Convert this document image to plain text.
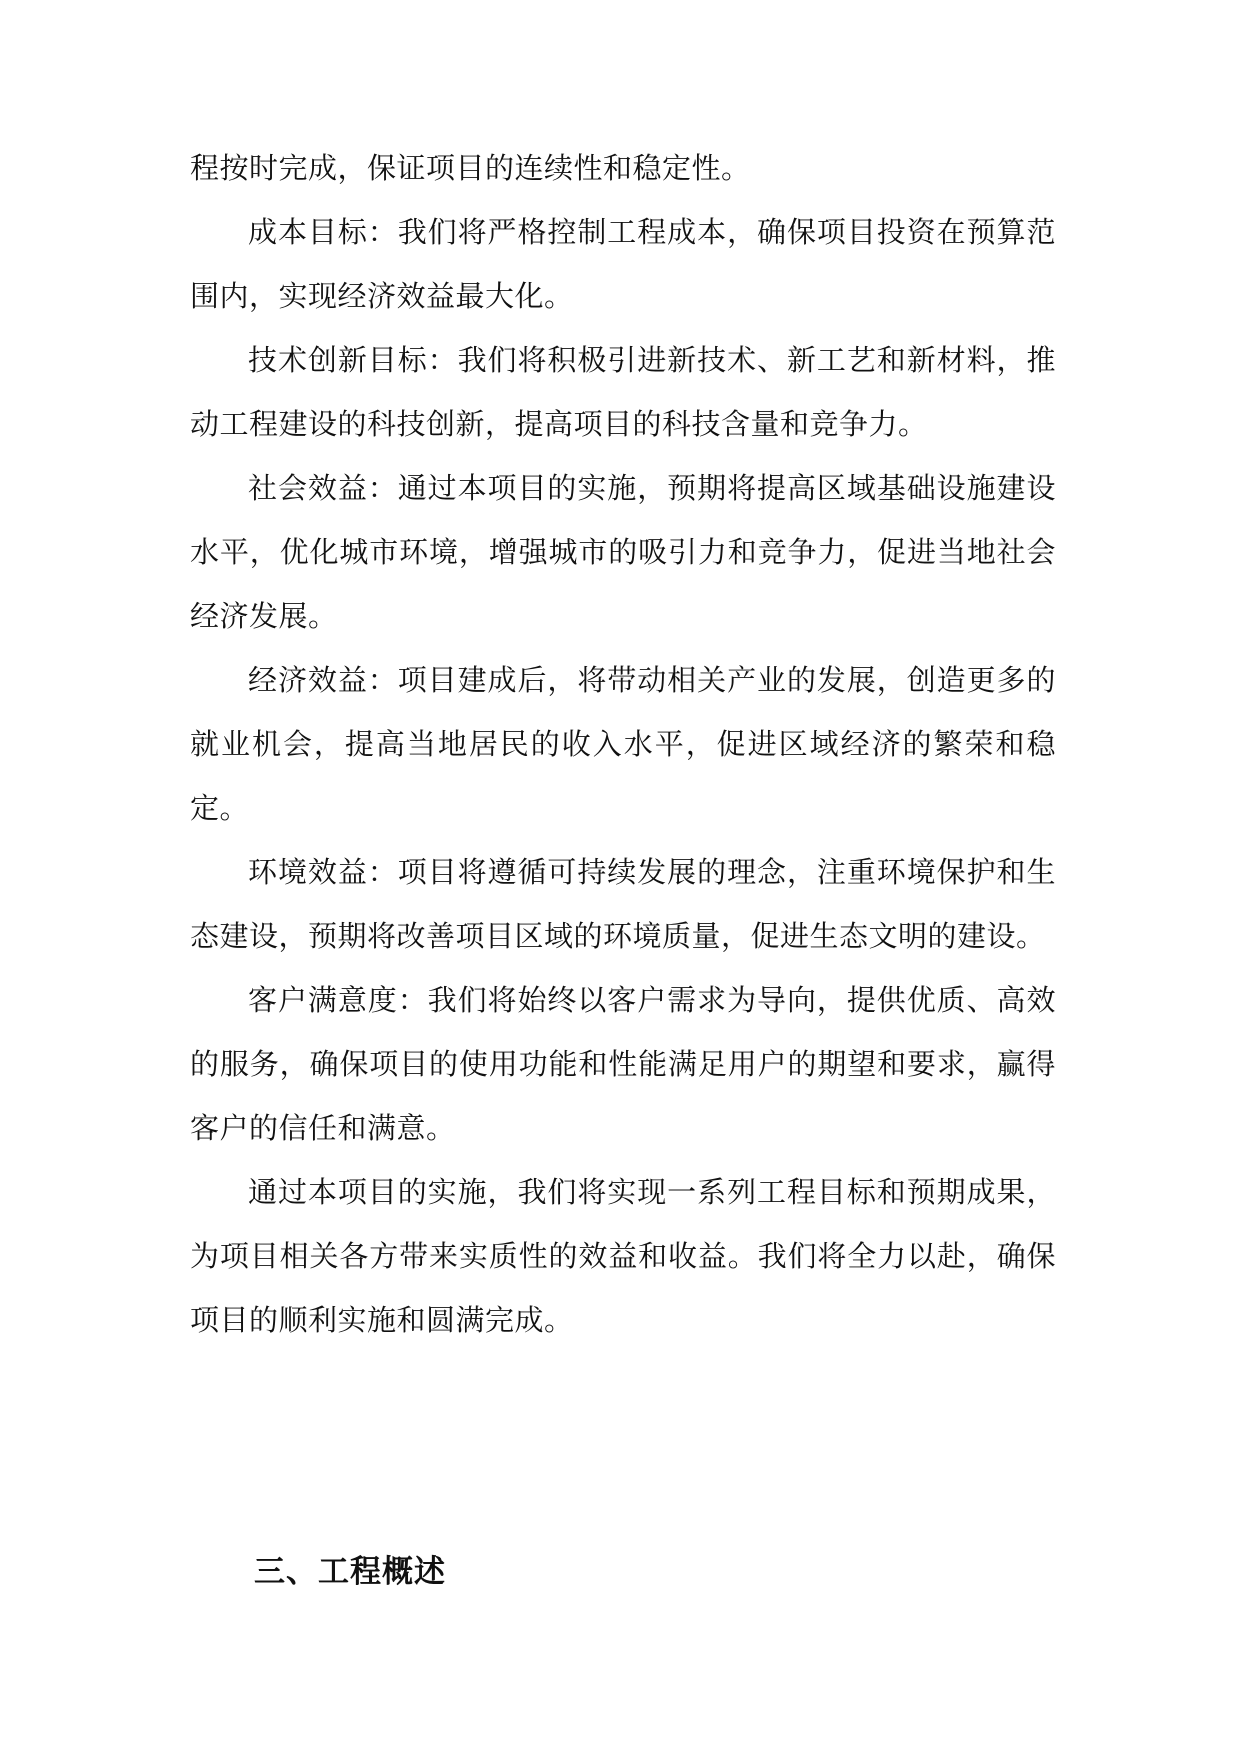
程按时完成，保证项目的连续性和稳定性。

成本目标：我们将严格控制工程成本，确保项目投资在预算范围内，实现经济效益最大化。

技术创新目标：我们将积极引进新技术、新工艺和新材料，推动工程建设的科技创新，提高项目的科技含量和竞争力。

社会效益：通过本项目的实施，预期将提高区域基础设施建设水平，优化城市环境，增强城市的吸引力和竞争力，促进当地社会经济发展。

经济效益：项目建成后，将带动相关产业的发展，创造更多的就业机会，提高当地居民的收入水平，促进区域经济的繁荣和稳定。

环境效益：项目将遵循可持续发展的理念，注重环境保护和生态建设，预期将改善项目区域的环境质量，促进生态文明的建设。

客户满意度：我们将始终以客户需求为导向，提供优质、高效的服务，确保项目的使用功能和性能满足用户的期望和要求，赢得客户的信任和满意。

通过本项目的实施，我们将实现一系列工程目标和预期成果，为项目相关各方带来实质性的效益和收益。我们将全力以赴，确保项目的顺利实施和圆满完成。

三、工程概述
